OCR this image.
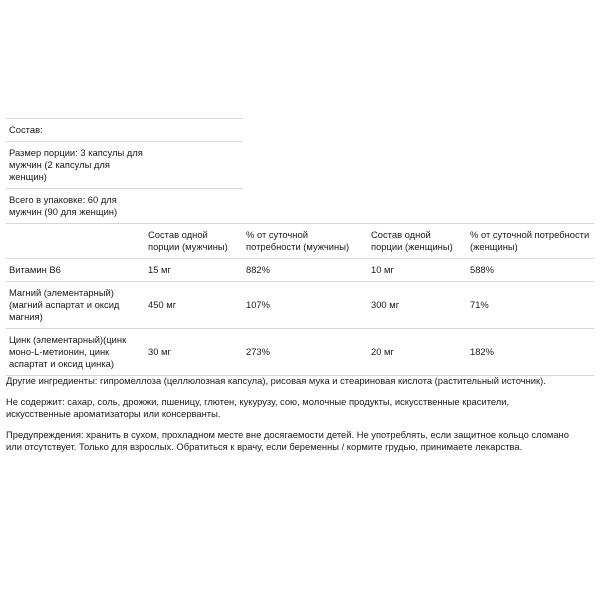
Состав:				

Размер порции: 3 капсулы для мужчин (2 капсулы для женщин)				

Всего в упаковке: 60 для мужчин (90 для женщин)				

	Состав одной порции (мужчины)	% от суточной потребности (мужчины)	Состав одной порции (женщины)	% от суточной потребности (женщины)
Витамин В6	15 мг	882%	10 мг	588%
Магний (элементарный) (магний аспартат и оксид магния)	450 мг	107%	300 мг	71%
Цинк (элементарный)(цинк моно-L-метионин, цинк аспартат и оксид цинка)	30 мг	273%	20 мг	182%

Другие ингредиенты: гипромеллоза (целлюлозная капсула), рисовая мука и стеариновая кислота (растительный источник).

Не содержит: сахар, соль, дрожжи, пшеницу, глютен, кукурузу, сою, молочные продукты, искусственные красители, искусственные ароматизаторы или консерванты.

Предупреждения: хранить в сухом, прохладном месте вне досягаемости детей. Не употреблять, если защитное кольцо сломано или отсутствует. Только для взрослых. Обратиться к врачу, если беременны / кормите грудью, принимаете лекарства.
